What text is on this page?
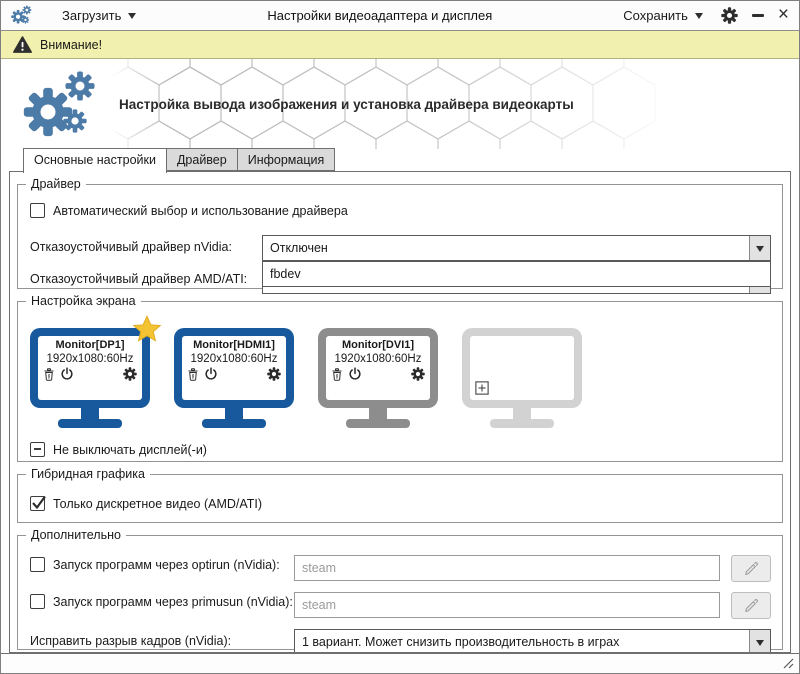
Загрузить	Настройки видеоадаптера и дисплея	Сохранить	×
Внимание!
Настройка вывода изображения и установка драйвера видеокарты
Основные настройки	Драйвер	Информация
Драйвер
Автоматический выбор и использование драйвера
Отказоустойчивый драйвер nVidia:	Отключен
Отказоустойчивый драйвер AMD/ATI:	fbdev
Настройка экрана
Monitor[DP1]
1920x1080:60Hz
Monitor[HDMI1]
1920x1080:60Hz
Monitor[DVI1]
1920x1080:60Hz
Не выключать дисплей(-и)
Гибридная графика
Только дискретное видео (AMD/ATI)
Дополнительно
Запуск программ через optirun (nVidia):
steam
Запуск программ через primusun (nVidia):
steam
Исправить разрыв кадров (nVidia):	1 вариант. Может снизить производительность в играх
